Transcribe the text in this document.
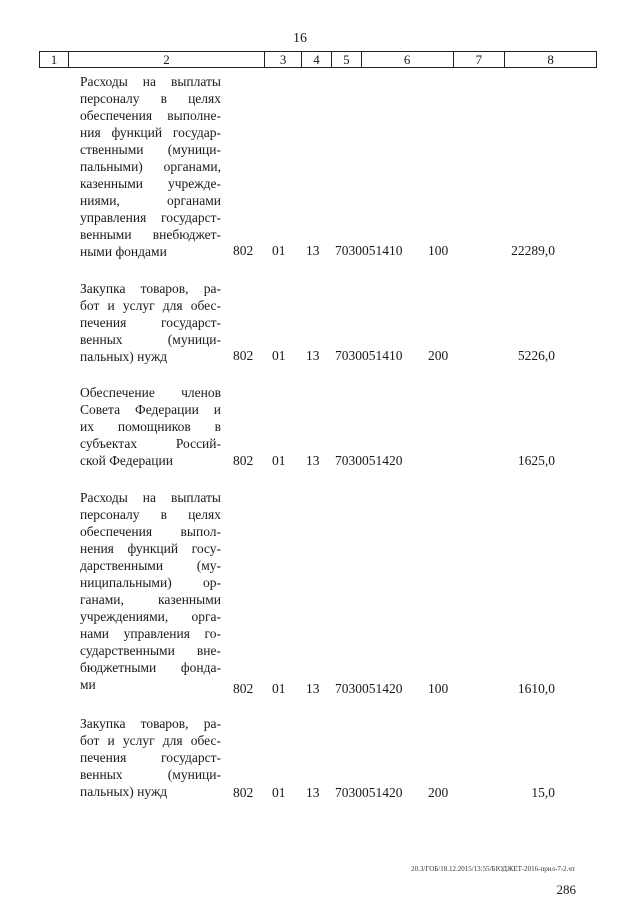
16
1	2	3	4	5	6	7	8
Расходы на выплаты
персоналу в целях
обеспечения выполне-
ния функций государ-
ственными (муници-
пальными) органами,
казенными учрежде-
ниями, органами
управления государст-
венными внебюджет-
ными фондами	802 01 13 7030051410 100	22289,0
Закупка товаров, ра-
бот и услуг для обес-
печения государст-
венных (муници-
пальных) нужд	802 01 13 7030051410 200	5226,0
Обеспечение членов
Совета Федерации и
их помощников в
субъектах Россий-
ской Федерации	802 01 13 7030051420	1625,0
Расходы на выплаты
персоналу в целях
обеспечения выпол-
нения функций госу-
дарственными (му-
ниципальными) ор-
ганами, казенными
учреждениями, орга-
нами управления го-
сударственными вне-
бюджетными фонда-
ми	802 01 13 7030051420 100	1610,0
Закупка товаров, ра-
бот и услуг для обес-
печения государст-
венных (муници-
пальных) нужд	802 01 13 7030051420 200	15,0
20.3/ГОБ/18.12.2015/13:55/БЮДЖЕТ-2016-прил-7-2.чт
286
